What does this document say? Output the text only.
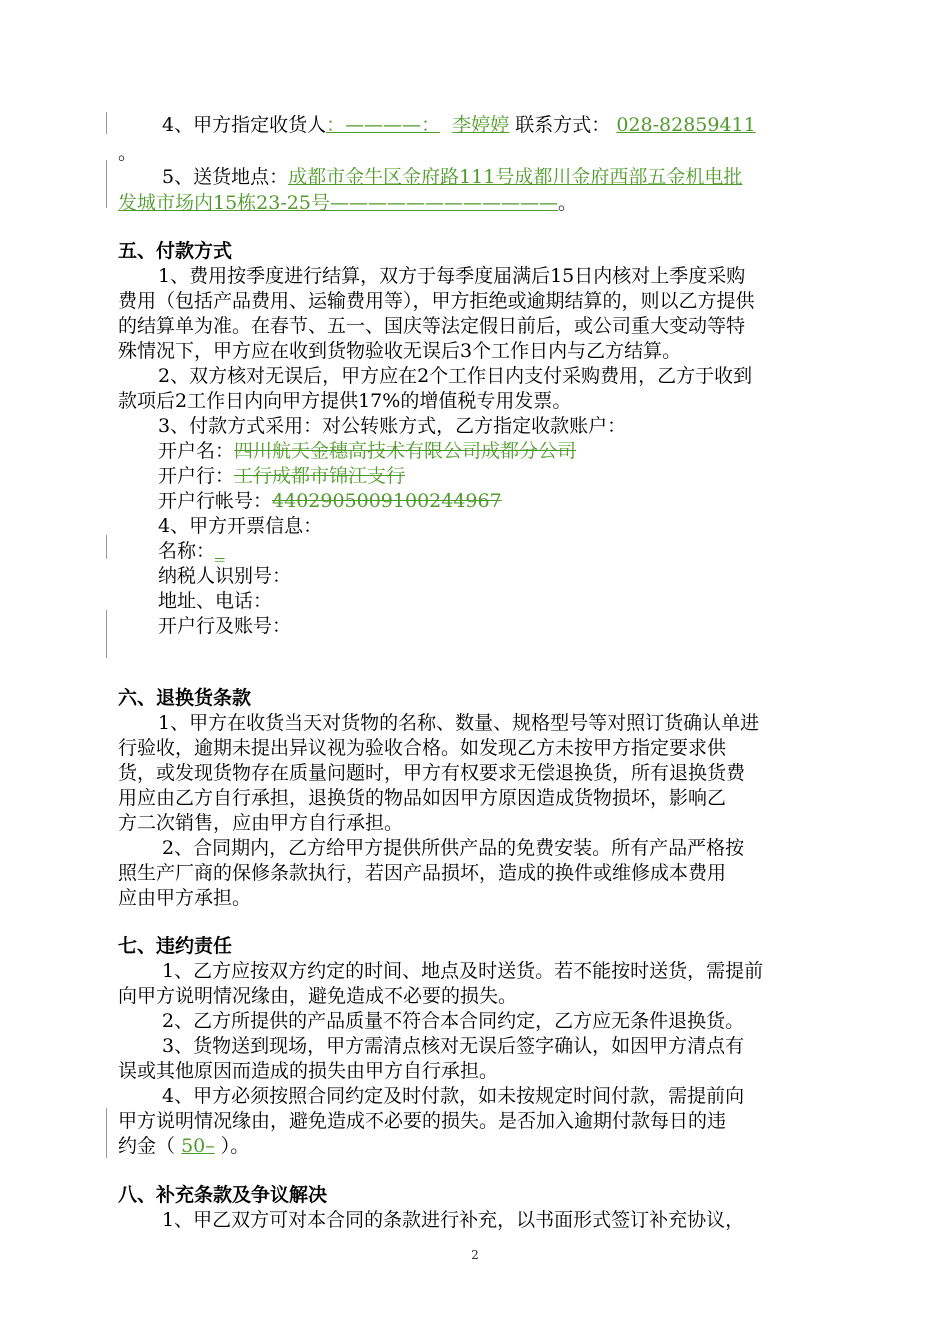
4、甲方指定收货人：————： 李婷婷 联系方式： 028-82859411
。
5、送货地点：成都市金牛区金府路111号成都川金府西部五金机电批
发城市场内15栋23-25号————————————。
五、付款方式
1、费用按季度进行结算，双方于每季度届满后15日内核对上季度采购
费用（包括产品费用、运输费用等），甲方拒绝或逾期结算的，则以乙方提供
的结算单为准。在春节、五一、国庆等法定假日前后，或公司重大变动等特
殊情况下，甲方应在收到货物验收无误后3个工作日内与乙方结算。
2、双方核对无误后，甲方应在2个工作日内支付采购费用，乙方于收到
款项后2工作日内向甲方提供17%的增值税专用发票。
3、付款方式采用：对公转账方式，乙方指定收款账户：
开户名：四川航天金穗高技术有限公司成都分公司
开户行：工行成都市锦江支行
开户行帐号：4402905009100244967
4、甲方开票信息：
名称：_
纳税人识别号：
地址、电话：
开户行及账号：
六、退换货条款
1、甲方在收货当天对货物的名称、数量、规格型号等对照订货确认单进
行验收，逾期未提出异议视为验收合格。如发现乙方未按甲方指定要求供
货，或发现货物存在质量问题时，甲方有权要求无偿退换货，所有退换货费
用应由乙方自行承担，退换货的物品如因甲方原因造成货物损坏，影响乙
方二次销售，应由甲方自行承担。
2、合同期内，乙方给甲方提供所供产品的免费安装。所有产品严格按
照生产厂商的保修条款执行，若因产品损坏，造成的换件或维修成本费用
应由甲方承担。
七、违约责任
1、乙方应按双方约定的时间、地点及时送货。若不能按时送货，需提前
向甲方说明情况缘由，避免造成不必要的损失。
2、乙方所提供的产品质量不符合本合同约定，乙方应无条件退换货。
3、货物送到现场，甲方需清点核对无误后签字确认，如因甲方清点有
误或其他原因而造成的损失由甲方自行承担。
4、甲方必须按照合同约定及时付款，如未按规定时间付款，需提前向
甲方说明情况缘由，避免造成不必要的损失。是否加入逾期付款每日的违
约金（ 50– ）。
八、补充条款及争议解决
1、甲乙双方可对本合同的条款进行补充，以书面形式签订补充协议，
2
